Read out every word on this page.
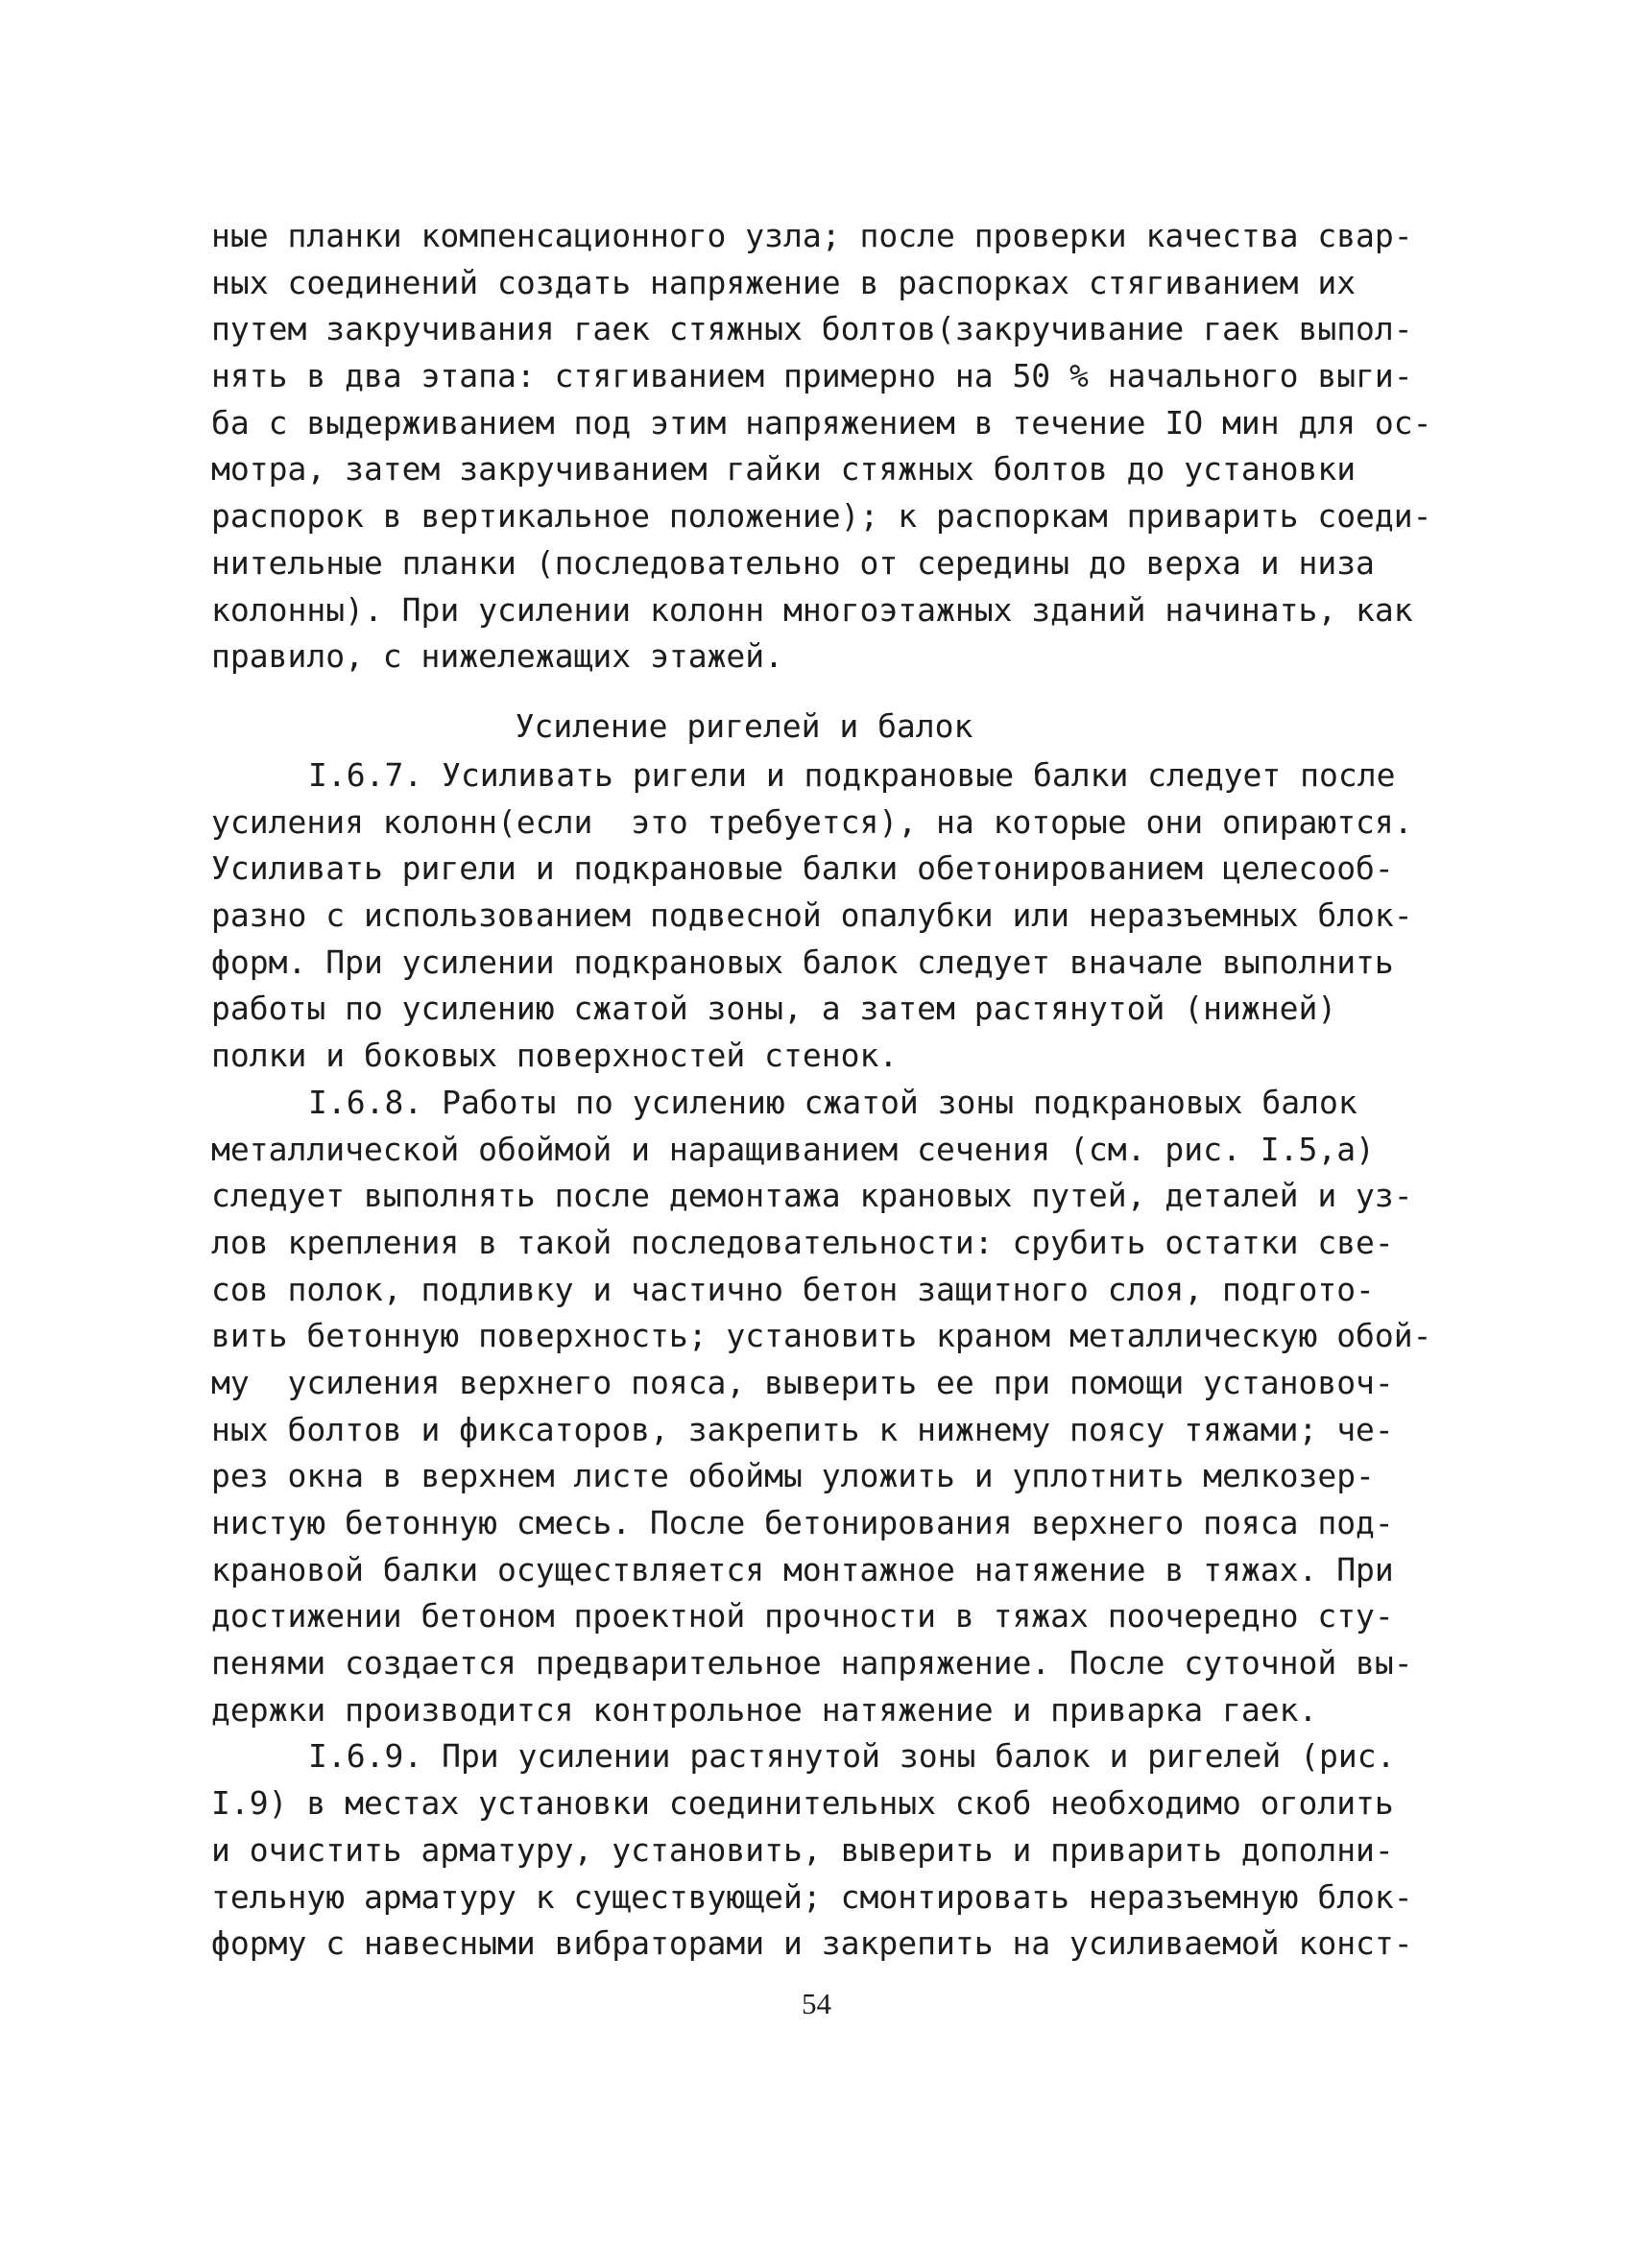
ные планки компенсационного узла; после проверки качества свар-
ных соединений создать напряжение в распорках стягиванием их
путем закручивания гаек стяжных болтов(закручивание гаек выпол-
нять в два этапа: стягиванием примерно на 50 % начального выги-
ба с выдерживанием под этим напряжением в течение IO мин для ос-
мотра, затем закручиванием гайки стяжных болтов до установки
распорок в вертикальное положение); к распоркам приварить соеди-
нительные планки (последовательно от середины до верха и низа
колонны). При усилении колонн многоэтажных зданий начинать, как
правило, с нижележащих этажей.
Усиление ригелей и балок
I.6.7. Усиливать ригели и подкрановые балки следует после
усиления колонн(если  это требуется), на которые они опираются.
Усиливать ригели и подкрановые балки обетонированием целесооб-
разно с использованием подвесной опалубки или неразъемных блок-
форм. При усилении подкрановых балок следует вначале выполнить
работы по усилению сжатой зоны, а затем растянутой (нижней)
полки и боковых поверхностей стенок.
I.6.8. Работы по усилению сжатой зоны подкрановых балок
металлической обоймой и наращиванием сечения (см. рис. I.5,а)
следует выполнять после демонтажа крановых путей, деталей и уз-
лов крепления в такой последовательности: срубить остатки све-
сов полок, подливку и частично бетон защитного слоя, подгото-
вить бетонную поверхность; установить краном металлическую обой-
му  усиления верхнего пояса, выверить ее при помощи установоч-
ных болтов и фиксаторов, закрепить к нижнему поясу тяжами; че-
рез окна в верхнем листе обоймы уложить и уплотнить мелкозер-
нистую бетонную смесь. После бетонирования верхнего пояса под-
крановой балки осуществляется монтажное натяжение в тяжах. При
достижении бетоном проектной прочности в тяжах поочередно сту-
пенями создается предварительное напряжение. После суточной вы-
держки производится контрольное натяжение и приварка гаек.
I.6.9. При усилении растянутой зоны балок и ригелей (рис.
I.9) в местах установки соединительных скоб необходимо оголить
и очистить арматуру, установить, выверить и приварить дополни-
тельную арматуру к существующей; смонтировать неразъемную блок-
форму с навесными вибраторами и закрепить на усиливаемой конст-
54
